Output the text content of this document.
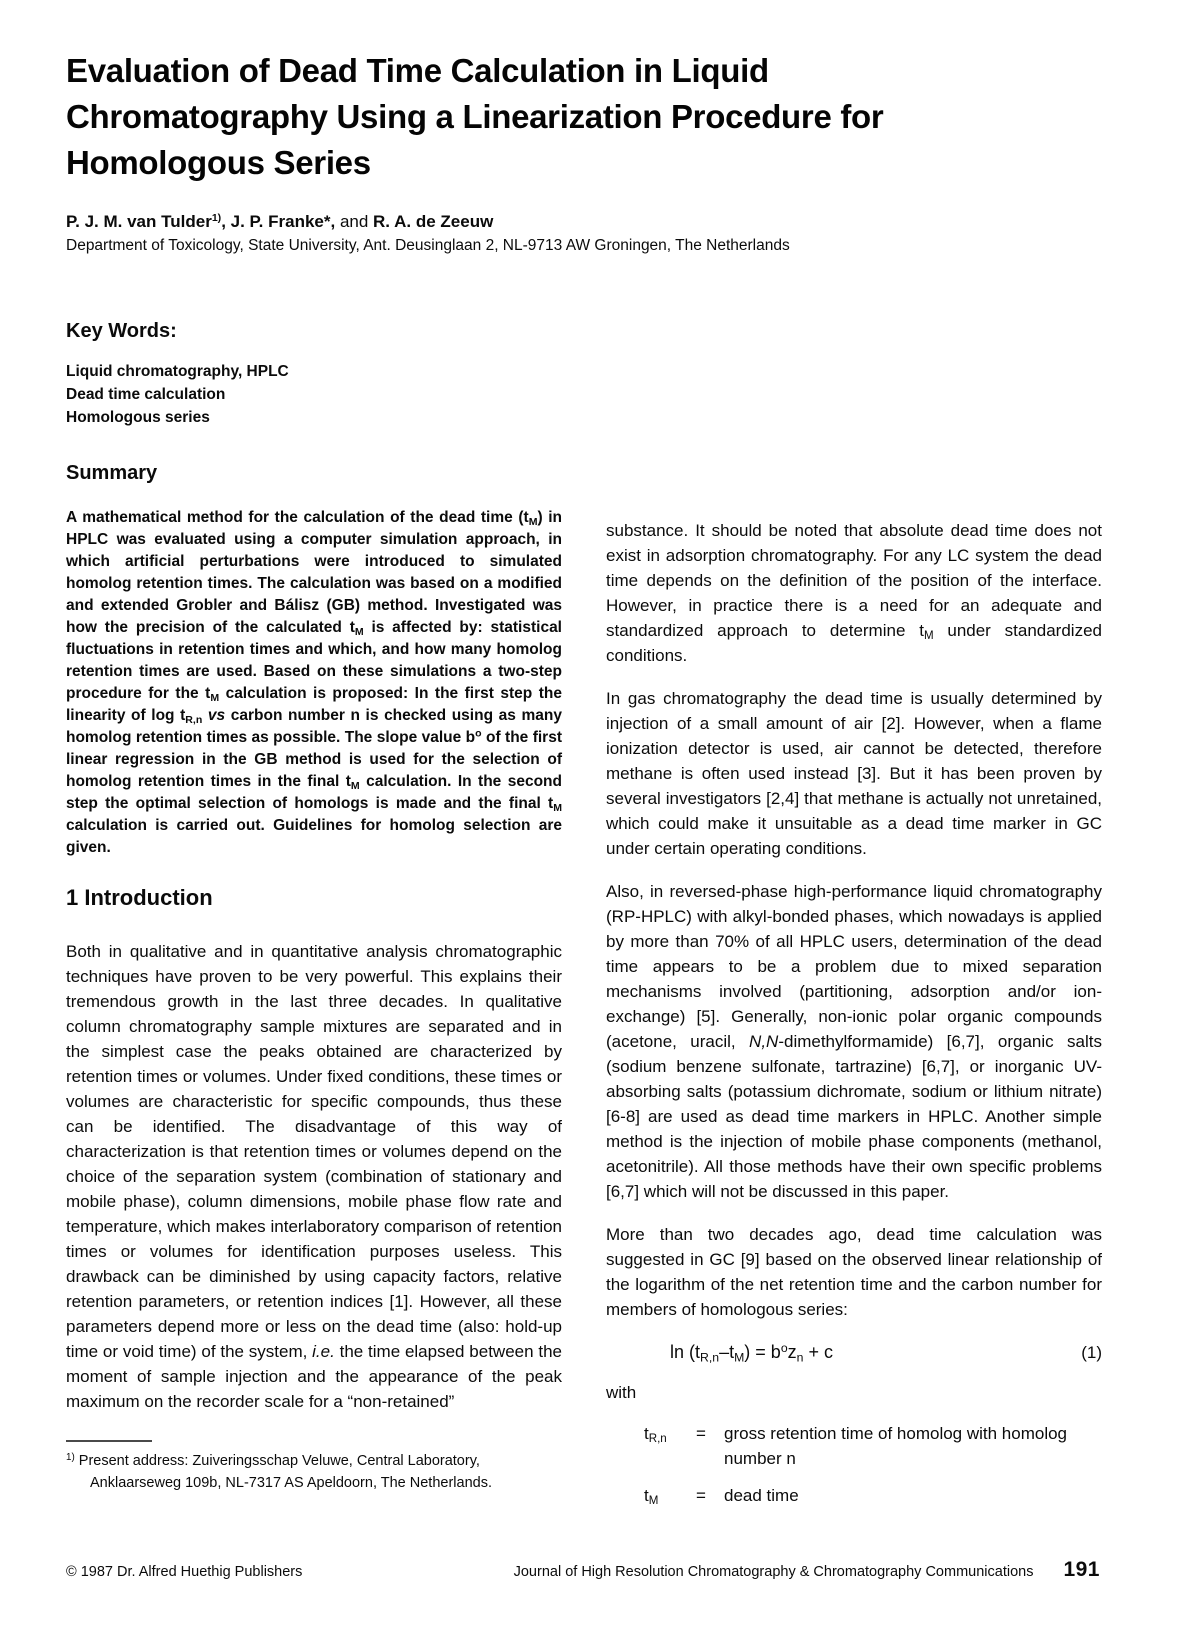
Evaluation of Dead Time Calculation in Liquid
Chromatography Using a Linearization Procedure for
Homologous Series
P. J. M. van Tulder$^{1)}$, J. P. Franke*, and R. A. de Zeeuw
Department of Toxicology, State University, Ant. Deusinglaan 2, NL-9713 AW Groningen, The Netherlands
Key Words:
Liquid chromatography, HPLC
Dead time calculation
Homologous series
Summary
A mathematical method for the calculation of the dead time $(t_M)$ in HPLC was evaluated using a computer simulation approach, in which artificial perturbations were introduced to simulated homolog retention times. The calculation was based on a modified and extended Grobler and Bálisz (GB) method. Investigated was how the precision of the calculated $t_M$ is affected by: statistical fluctuations in retention times and which, and how many homolog retention times are used. Based on these simulations a two-step procedure for the $t_M$ calculation is proposed: In the first step the linearity of $\log t_{R,n}$ vs carbon number n is checked using as many homolog retention times as possible. The slope value $b^o$ of the first linear regression in the GB method is used for the selection of homolog retention times in the final $t_M$ calculation. In the second step the optimal selection of homologs is made and the final $t_M$ calculation is carried out. Guidelines for homolog selection are given.
1 Introduction
Both in qualitative and in quantitative analysis chromatographic techniques have proven to be very powerful. This explains their tremendous growth in the last three decades. In qualitative column chromatography sample mixtures are separated and in the simplest case the peaks obtained are characterized by retention times or volumes. Under fixed conditions, these times or volumes are characteristic for specific compounds, thus these can be identified. The disadvantage of this way of characterization is that retention times or volumes depend on the choice of the separation system (combination of stationary and mobile phase), column dimensions, mobile phase flow rate and temperature, which makes interlaboratory comparison of retention times or volumes for identification purposes useless. This drawback can be diminished by using capacity factors, relative retention parameters, or retention indices [1]. However, all these parameters depend more or less on the dead time (also: hold-up time or void time) of the system, i.e. the time elapsed between the moment of sample injection and the appearance of the peak maximum on the recorder scale for a “non-retained”
$^{1)}$ Present address: Zuiveringsschap Veluwe, Central Laboratory, Anklaarseweg 109b, NL-7317 AS Apeldoorn, The Netherlands.
substance. It should be noted that absolute dead time does not exist in adsorption chromatography. For any LC system the dead time depends on the definition of the position of the interface. However, in practice there is a need for an adequate and standardized approach to determine $t_M$ under standardized conditions.
In gas chromatography the dead time is usually determined by injection of a small amount of air [2]. However, when a flame ionization detector is used, air cannot be detected, therefore methane is often used instead [3]. But it has been proven by several investigators [2,4] that methane is actually not unretained, which could make it unsuitable as a dead time marker in GC under certain operating conditions.
Also, in reversed-phase high-performance liquid chromatography (RP-HPLC) with alkyl-bonded phases, which nowadays is applied by more than 70% of all HPLC users, determination of the dead time appears to be a problem due to mixed separation mechanisms involved (partitioning, adsorption and/or ion-exchange) [5]. Generally, non-ionic polar organic compounds (acetone, uracil, N,N-dimethylformamide) [6,7], organic salts (sodium benzene sulfonate, tartrazine) [6,7], or inorganic UV-absorbing salts (potassium dichromate, sodium or lithium nitrate) [6-8] are used as dead time markers in HPLC. Another simple method is the injection of mobile phase components (methanol, acetonitrile). All those methods have their own specific problems [6,7] which will not be discussed in this paper.
More than two decades ago, dead time calculation was suggested in GC [9] based on the observed linear relationship of the logarithm of the net retention time and the carbon number for members of homologous series:
$\ln (t_{R,n}-t_M) = b^oz_n + c$	(1)
with
$t_{R,n}$	=	gross retention time of homolog with homolog number n
$t_M$	=	dead time
© 1987 Dr. Alfred Huethig Publishers	Journal of High Resolution Chromatography & Chromatography Communications 191
